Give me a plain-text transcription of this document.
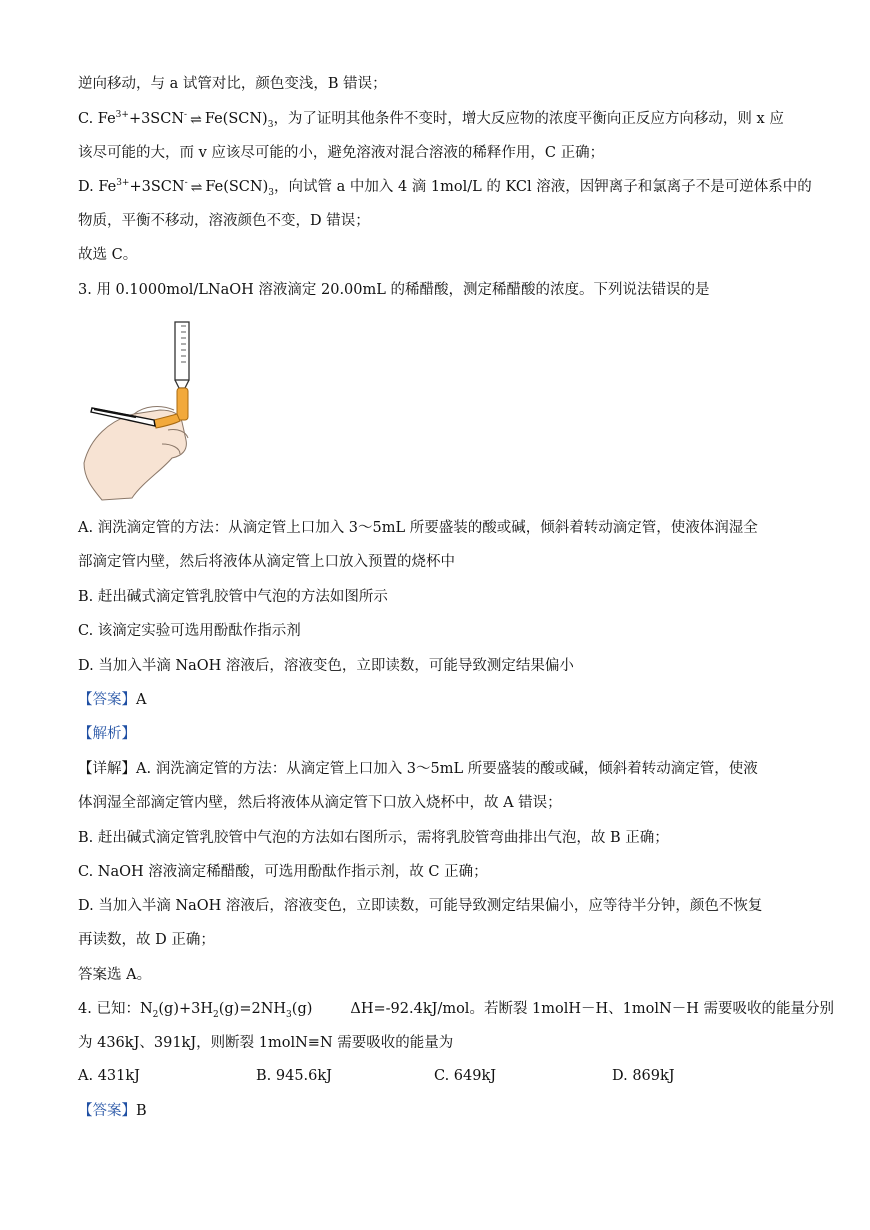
逆向移动，与 a 试管对比，颜色变浅，B 错误；
C. $Fe^{3+}+3SCN^-$ ⇌ $Fe(SCN)_3$，为了证明其他条件不变时，增大反应物的浓度平衡向正反应方向移动，则 x 应
该尽可能的大，而 v 应该尽可能的小，避免溶液对混合溶液的稀释作用，C 正确；
D. $Fe^{3+}+3SCN^-$ ⇌ $Fe(SCN)_3$，向试管 a 中加入 4 滴 1mol/L 的 KCl 溶液，因钾离子和氯离子不是可逆体系中的
物质，平衡不移动，溶液颜色不变，D 错误；
故选 C。
3. 用 0.1000mol/LNaOH 溶液滴定 20.00mL 的稀醋酸，测定稀醋酸的浓度。下列说法错误的是
A. 润洗滴定管的方法：从滴定管上口加入 3～5mL 所要盛装的酸或碱，倾斜着转动滴定管，使液体润湿全
部滴定管内壁，然后将液体从滴定管上口放入预置的烧杯中
B. 赶出碱式滴定管乳胶管中气泡的方法如图所示
C. 该滴定实验可选用酚酞作指示剂
D. 当加入半滴 NaOH 溶液后，溶液变色，立即读数，可能导致测定结果偏小
【答案】A
【解析】
【详解】A. 润洗滴定管的方法：从滴定管上口加入 3～5mL 所要盛装的酸或碱，倾斜着转动滴定管，使液
体润湿全部滴定管内壁，然后将液体从滴定管下口放入烧杯中，故 A 错误；
B. 赶出碱式滴定管乳胶管中气泡的方法如右图所示，需将乳胶管弯曲排出气泡，故 B 正确；
C. NaOH 溶液滴定稀醋酸，可选用酚酞作指示剂，故 C 正确；
D. 当加入半滴 NaOH 溶液后，溶液变色，立即读数，可能导致测定结果偏小，应等待半分钟，颜色不恢复
再读数，故 D 正确；
答案选 A。
4. 已知：$N_2(g)+3H_2(g)=2NH_3(g)$	ΔH=-92.4kJ/mol。若断裂 1molH－H、1molN－H 需要吸收的能量分别
为 436kJ、391kJ，则断裂 1molN≡N 需要吸收的能量为
A. 431kJ	B. 945.6kJ	C. 649kJ	D. 869kJ
【答案】B
